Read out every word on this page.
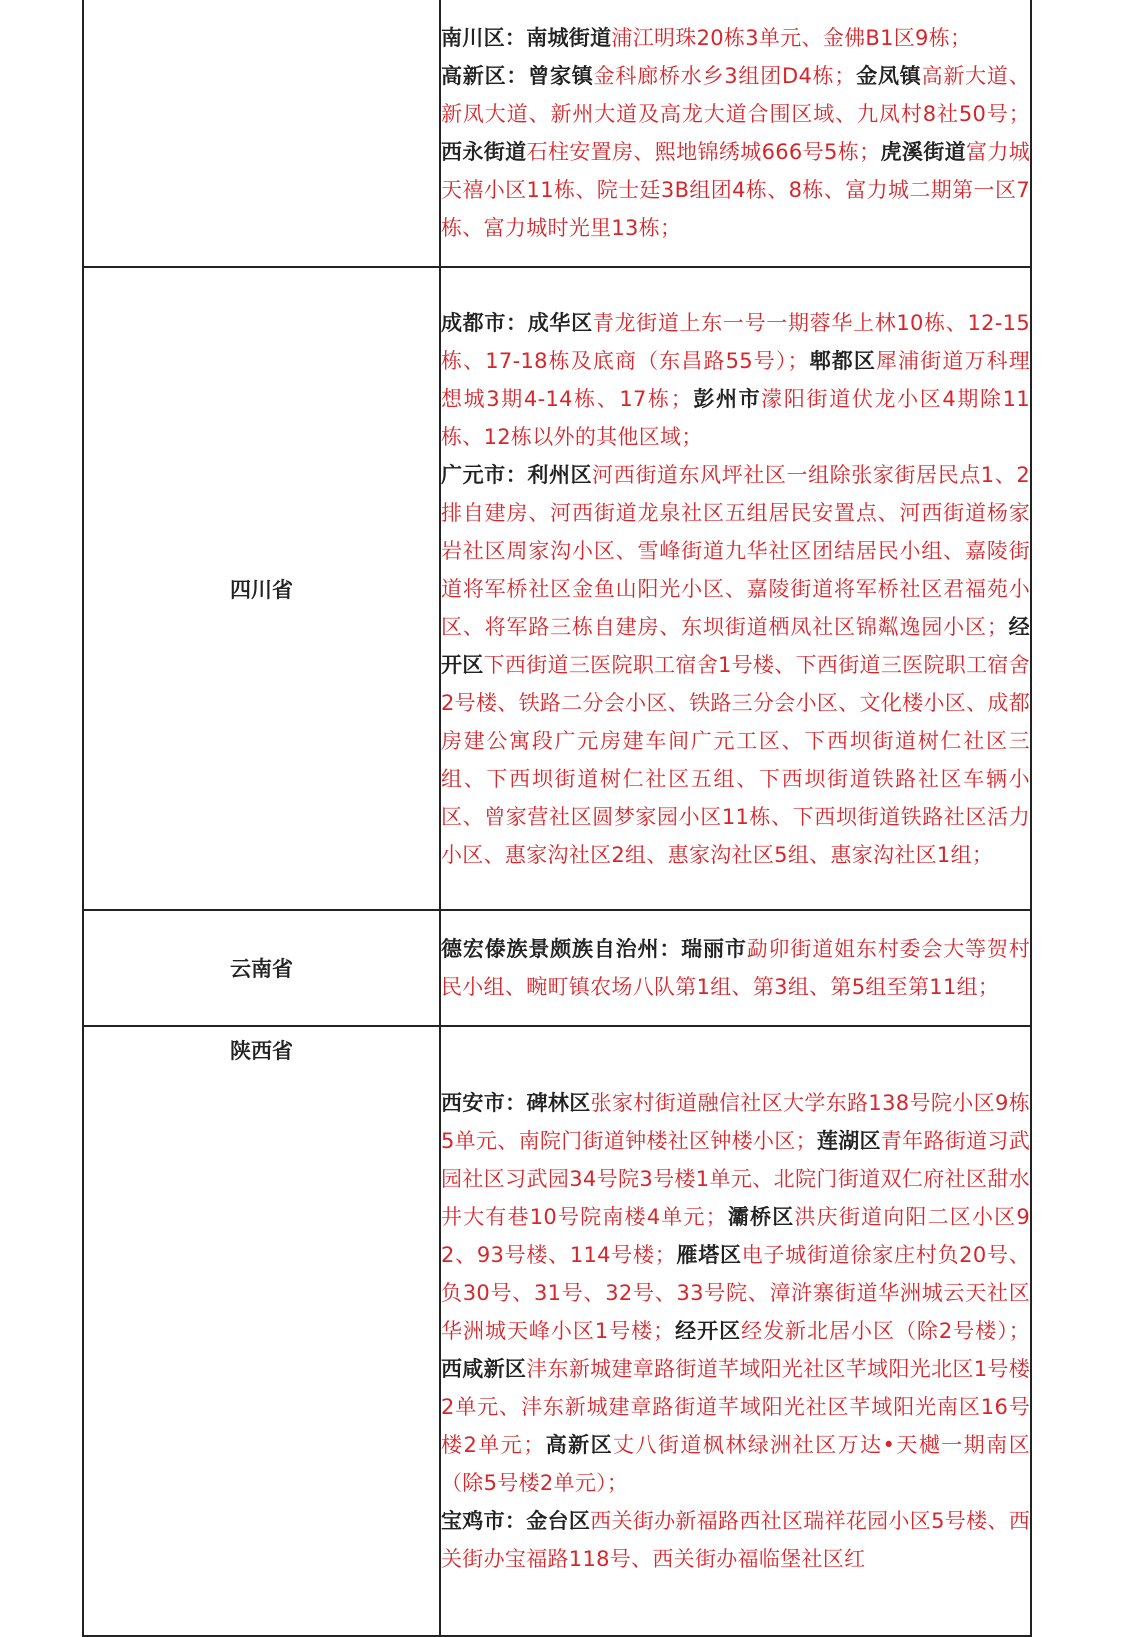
	南川区：南城街道浦江明珠20栋3单元、金佛B1区9栋；
高新区：曾家镇金科廊桥水乡3组团D4栋；金凤镇高新大道、新凤大道、新州大道及高龙大道合围区域、九凤村8社50号；西永街道石柱安置房、熙地锦绣城666号5栋；虎溪街道富力城天禧小区11栋、院士廷3B组团4栋、8栋、富力城二期第一区7栋、富力城时光里13栋；

四川省	成都市：成华区青龙街道上东一号一期蓉华上林10栋、12-15栋、17-18栋及底商（东昌路55号）；郫都区犀浦街道万科理想城3期4-14栋、17栋；彭州市濛阳街道伏龙小区4期除11栋、12栋以外的其他区域；
广元市：利州区河西街道东风坪社区一组除张家街居民点1、2排自建房、河西街道龙泉社区五组居民安置点、河西街道杨家岩社区周家沟小区、雪峰街道九华社区团结居民小组、嘉陵街道将军桥社区金鱼山阳光小区、嘉陵街道将军桥社区君福苑小区、将军路三栋自建房、东坝街道栖凤社区锦粼逸园小区；经开区下西街道三医院职工宿舍1号楼、下西街道三医院职工宿舍2号楼、铁路二分会小区、铁路三分会小区、文化楼小区、成都房建公寓段广元房建车间广元工区、下西坝街道树仁社区三组、下西坝街道树仁社区五组、下西坝街道铁路社区车辆小区、曾家营社区圆梦家园小区11栋、下西坝街道铁路社区活力小区、惠家沟社区2组、惠家沟社区5组、惠家沟社区1组；

云南省	德宏傣族景颇族自治州：瑞丽市勐卯街道姐东村委会大等贺村民小组、畹町镇农场八队第1组、第3组、第5组至第11组；

陕西省	西安市：碑林区张家村街道融信社区大学东路138号院小区9栋5单元、南院门街道钟楼社区钟楼小区；莲湖区青年路街道习武园社区习武园34号院3号楼1单元、北院门街道双仁府社区甜水井大有巷10号院南楼4单元；灞桥区洪庆街道向阳二区小区92、93号楼、114号楼；雁塔区电子城街道徐家庄村负20号、负30号、31号、32号、33号院、漳浒寨街道华洲城云天社区华洲城天峰小区1号楼；经开区经发新北居小区（除2号楼）；西咸新区沣东新城建章路街道芊域阳光社区芊域阳光北区1号楼2单元、沣东新城建章路街道芊域阳光社区芊域阳光南区16号楼2单元；高新区丈八街道枫林绿洲社区万达•天樾一期南区（除5号楼2单元）；
宝鸡市：金台区西关街办新福路西社区瑞祥花园小区5号楼、西关街办宝福路118号、西关街办福临堡社区红
